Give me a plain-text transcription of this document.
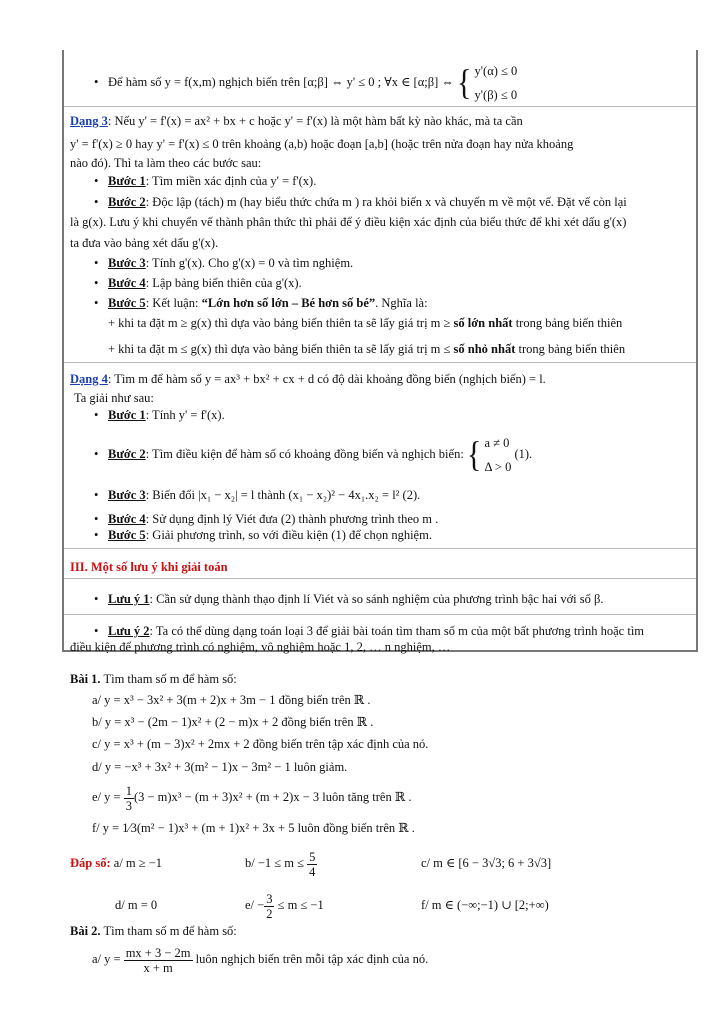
• Để hàm số y = f(x,m) nghịch biến trên [α;β] ⇔ y' ≤ 0 ; ∀x ∈ [α;β] ⇔ { y'(α) ≤ 0
y'(β) ≤ 0
Dạng 3: Nếu y' = f'(x) = ax² + bx + c hoặc y' = f'(x) là một hàm bất kỳ nào khác, mà ta cần
y' = f'(x) ≥ 0 hay y' = f'(x) ≤ 0 trên khoảng (a,b) hoặc đoạn [a,b] (hoặc trên nửa đoạn hay nửa khoảng
nào đó). Thì ta làm theo các bước sau:
• Bước 1: Tìm miền xác định của y' = f'(x).
• Bước 2: Độc lập (tách) m (hay biểu thức chứa m ) ra khỏi biến x và chuyển m về một vế. Đặt vế còn lại
là g(x). Lưu ý khi chuyển vế thành phân thức thì phải để ý điều kiện xác định của biểu thức để khi xét dấu g'(x)
ta đưa vào bảng xét dấu g'(x).
• Bước 3: Tính g'(x). Cho g'(x) = 0 và tìm nghiệm.
• Bước 4: Lập bảng biến thiên của g'(x).
• Bước 5: Kết luận: “Lớn hơn số lớn – Bé hơn số bé”. Nghĩa là:
+ khi ta đặt m ≥ g(x) thì dựa vào bảng biến thiên ta sẽ lấy giá trị m ≥ số lớn nhất trong bảng biến thiên
+ khi ta đặt m ≤ g(x) thì dựa vào bảng biến thiên ta sẽ lấy giá trị m ≤ số nhỏ nhất trong bảng biến thiên
Dạng 4: Tìm m để hàm số y = ax³ + bx² + cx + d có độ dài khoảng đồng biến (nghịch biến) = l.
Ta giải như sau:
• Bước 1: Tính y' = f'(x).
• Bước 2: Tìm điều kiện để hàm số có khoảng đồng biến và nghịch biến: { a ≠ 0
Δ > 0
(1).
• Bước 3: Biến đổi |x₁ − x₂| = l thành (x₁ − x₂)² − 4x₁.x₂ = l² (2).
• Bước 4: Sử dụng định lý Viét đưa (2) thành phương trình theo m .
• Bước 5: Giải phương trình, so với điều kiện (1) để chọn nghiệm.
III. Một số lưu ý khi giải toán
• Lưu ý 1: Cần sử dụng thành thạo định lí Viét và so sánh nghiệm của phương trình bậc hai với số β.
• Lưu ý 2: Ta có thể dùng dạng toán loại 3 để giải bài toán tìm tham số m của một bất phương trình hoặc tìm
điều kiện để phương trình có nghiệm, vô nghiệm hoặc 1, 2, … n nghiệm, …
Bài 1. Tìm tham số m để hàm số:
a/ y = x³ − 3x² + 3(m + 2)x + 3m − 1 đồng biến trên ℝ .
b/ y = x³ − (2m − 1)x² + (2 − m)x + 2 đồng biến trên ℝ .
c/ y = x³ + (m − 3)x² + 2mx + 2 đồng biến trên tập xác định của nó.
d/ y = −x³ + 3x² + 3(m² − 1)x − 3m² − 1 luôn giảm.
e/ $y = \frac{1}{3} (3 - m)x^3 - (m + 3)x^2 + (m + 2)x - 3$ luôn tăng trên ℝ .
f/ y = 1⁄3(m² − 1)x³ + (m + 1)x² + 3x + 5 luôn đồng biến trên ℝ .
Đáp số: a/ m ≥ −1	$b/ -1 \le m \le \frac{5}{4}$	c/ m ∈ [6 − 3√3; 6 + 3√3]
d/ m = 0	$e/ - \frac{3}{2} \le m \le -1$	f/ m ∈ (−∞;−1) ∪ [2;+∞)
Bài 2. Tìm tham số m để hàm số:
a/ $y = \frac{mx + 3 - 2m}{x + m}$ luôn nghịch biến trên mỗi tập xác định của nó.
